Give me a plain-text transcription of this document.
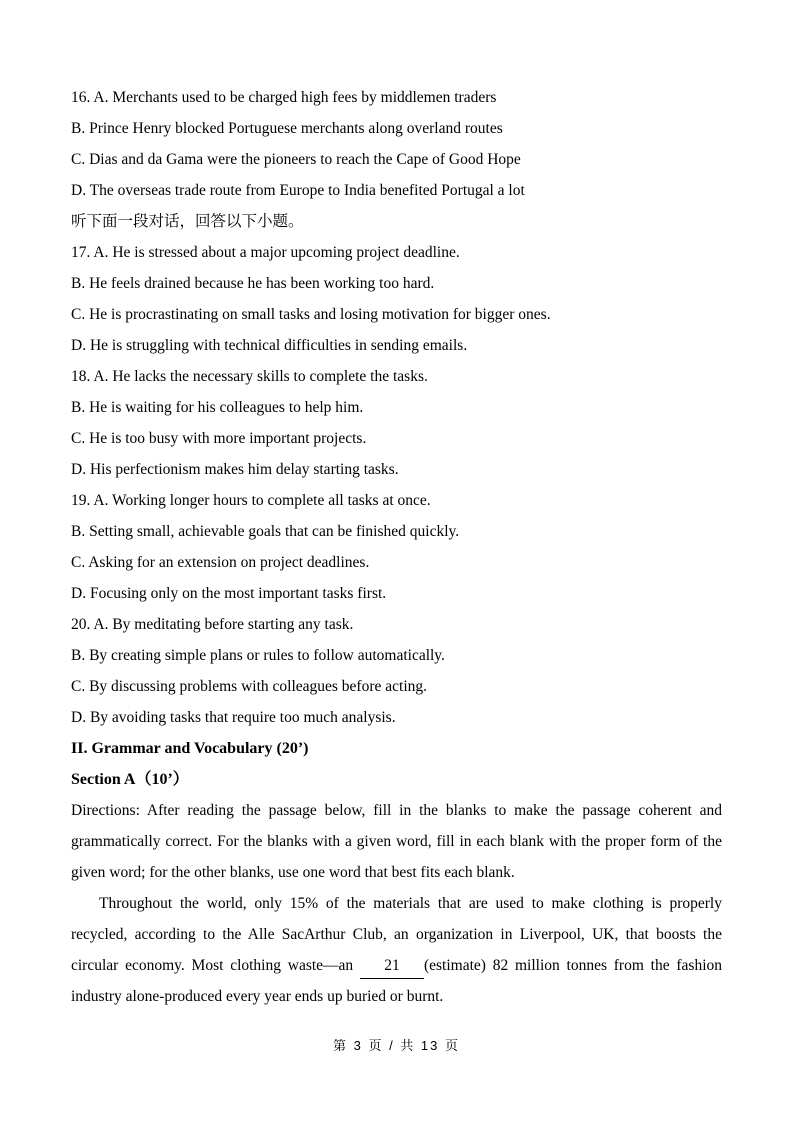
16. A. Merchants used to be charged high fees by middlemen traders
B. Prince Henry blocked Portuguese merchants along overland routes
C. Dias and da Gama were the pioneers to reach the Cape of Good Hope
D. The overseas trade route from Europe to India benefited Portugal a lot
听下面一段对话，回答以下小题。
17. A. He is stressed about a major upcoming project deadline.
B. He feels drained because he has been working too hard.
C. He is procrastinating on small tasks and losing motivation for bigger ones.
D. He is struggling with technical difficulties in sending emails.
18. A. He lacks the necessary skills to complete the tasks.
B. He is waiting for his colleagues to help him.
C. He is too busy with more important projects.
D. His perfectionism makes him delay starting tasks.
19. A. Working longer hours to complete all tasks at once.
B. Setting small, achievable goals that can be finished quickly.
C. Asking for an extension on project deadlines.
D. Focusing only on the most important tasks first.
20. A. By meditating before starting any task.
B. By creating simple plans or rules to follow automatically.
C. By discussing problems with colleagues before acting.
D. By avoiding tasks that require too much analysis.
II. Grammar and Vocabulary (20’)
Section A（10’）

Directions: After reading the passage below, fill in the blanks to make the passage coherent and grammatically correct. For the blanks with a given word, fill in each blank with the proper form of the given word; for the other blanks, use one word that best fits each blank.

Throughout the world, only 15% of the materials that are used to make clothing is properly recycled, according to the Alle SacArthur Club, an organization in Liverpool, UK, that boosts the circular economy. Most clothing waste—an 21 (estimate) 82 million tonnes from the fashion industry alone-produced every year ends up buried or burnt.

第 3 页 / 共 13 页
